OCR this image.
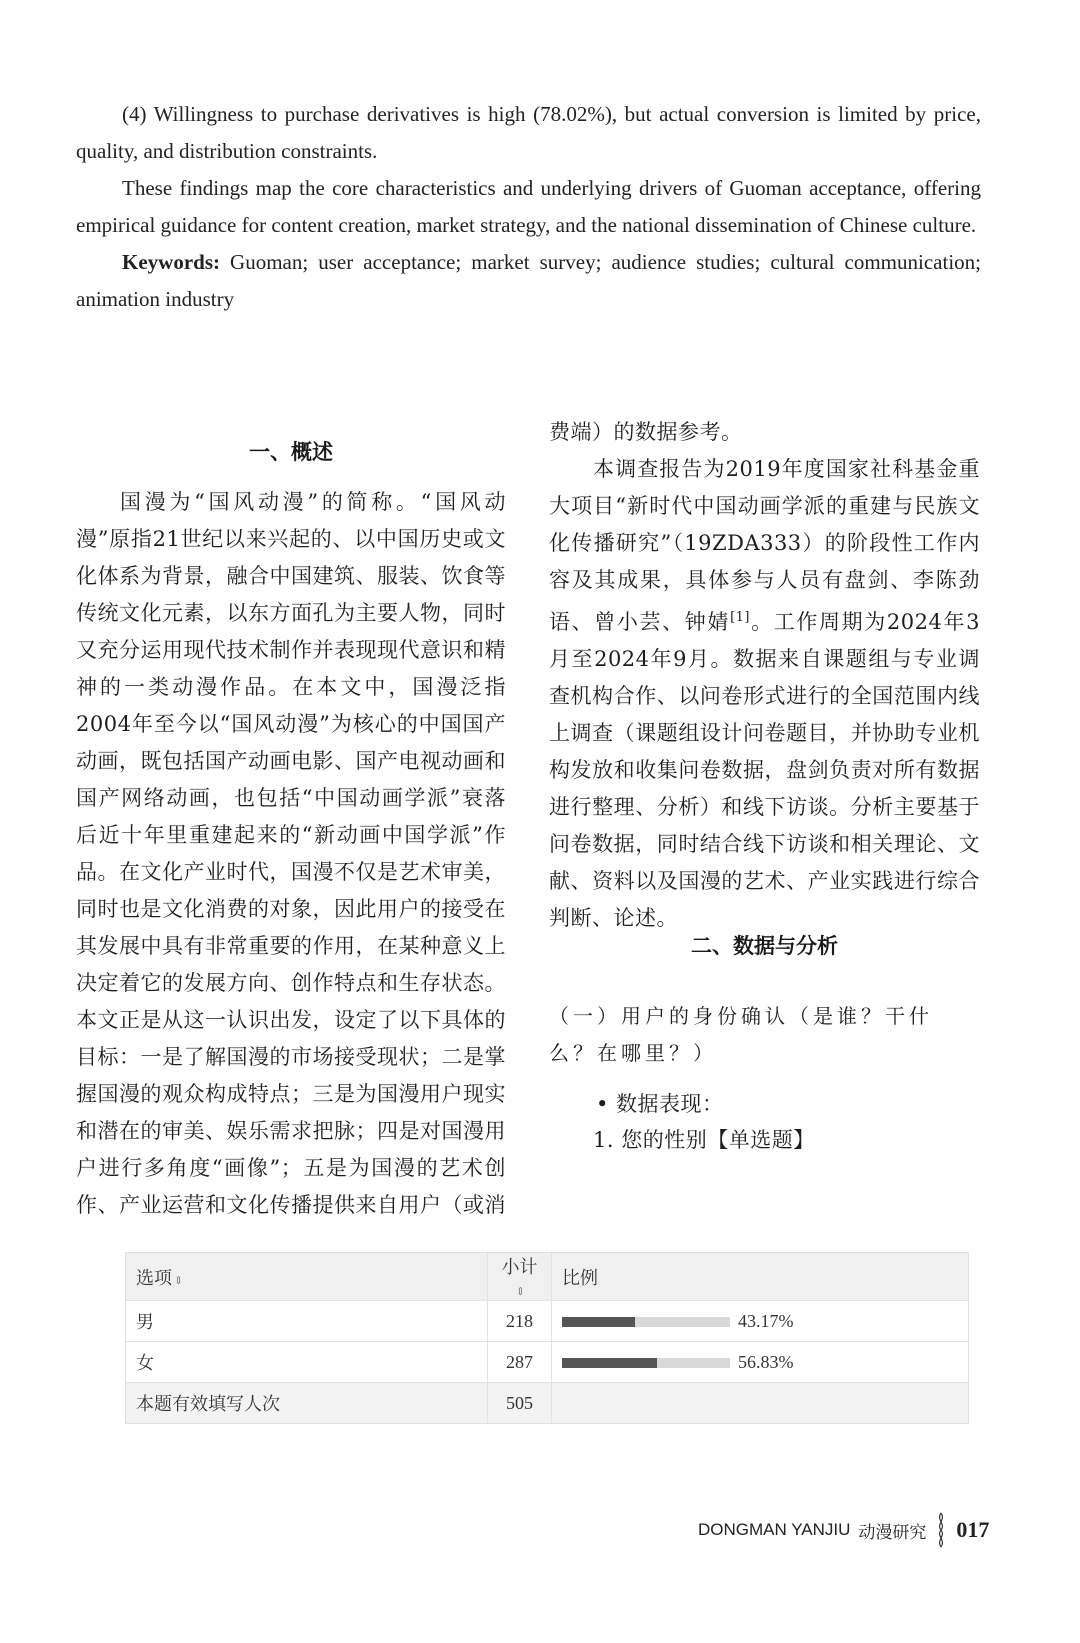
(4) Willingness to purchase derivatives is high (78.02%), but actual conversion is limited by price, quality, and distribution constraints.

These findings map the core characteristics and underlying drivers of Guoman acceptance, offering empirical guidance for content creation, market strategy, and the national dissemination of Chinese culture.

Keywords: Guoman; user acceptance; market survey; audience studies; cultural communication; animation industry

一、概述

国漫为“国风动漫”的简称。“国风动漫”原指21世纪以来兴起的、以中国历史或文化体系为背景，融合中国建筑、服装、饮食等传统文化元素，以东方面孔为主要人物，同时又充分运用现代技术制作并表现现代意识和精神的一类动漫作品。在本文中，国漫泛指2004年至今以“国风动漫”为核心的中国国产动画，既包括国产动画电影、国产电视动画和国产网络动画，也包括“中国动画学派”衰落后近十年里重建起来的“新动画中国学派”作品。在文化产业时代，国漫不仅是艺术审美，同时也是文化消费的对象，因此用户的接受在其发展中具有非常重要的作用，在某种意义上决定着它的发展方向、创作特点和生存状态。本文正是从这一认识出发，设定了以下具体的目标：一是了解国漫的市场接受现状；二是掌握国漫的观众构成特点；三是为国漫用户现实和潜在的审美、娱乐需求把脉；四是对国漫用户进行多角度“画像”；五是为国漫的艺术创作、产业运营和文化传播提供来自用户（或消

费端）的数据参考。

本调查报告为2019年度国家社科基金重大项目“新时代中国动画学派的重建与民族文化传播研究”（19ZDA333）的阶段性工作内容及其成果，具体参与人员有盘剑、李陈劲语、曾小芸、钟婧[1]。工作周期为2024年3月至2024年9月。数据来自课题组与专业调查机构合作、以问卷形式进行的全国范围内线上调查（课题组设计问卷题目，并协助专业机构发放和收集问卷数据，盘剑负责对所有数据进行整理、分析）和线下访谈。分析主要基于问卷数据，同时结合线下访谈和相关理论、文献、资料以及国漫的艺术、产业实践进行综合判断、论述。

二、数据与分析
（一）用户的身份确认（是谁？干什么？在哪里？）
• 数据表现：
1. 您的性别【单选题】
选项 ⇕	小计⇕	比例
男	218	43.17%
女	287	56.83%
本题有效填写人次	505	
DONGMAN YANJIU 动漫研究 017
